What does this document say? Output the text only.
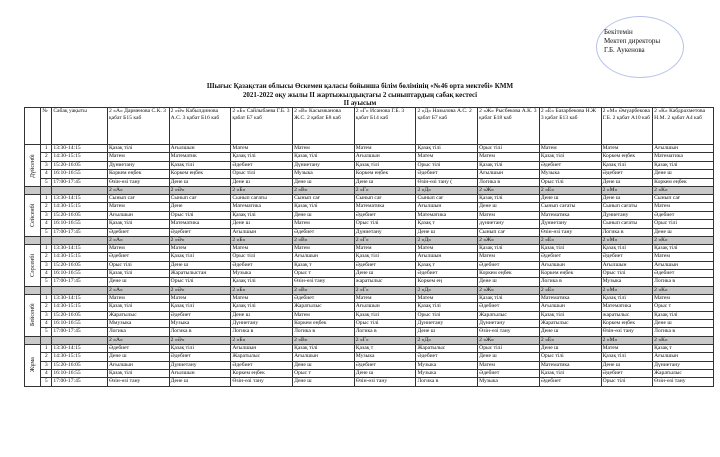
Бекітемін
Мектеп директоры
Г.Б. Аукенова
Шығыс Қазақстан облысы Өскемен қаласы бойынша білім бөлімінің «№46 орта мектебі» КММ
2021-2022 оқу жылы II жартыжылдықтағы 2 сыныптардың сабақ кестесі
II ауысым
	№	Сабақ уақыты	2 «А» Дарменова С.К. 3 қабат Б15 каб	2 «Ә» Кабылдинова А.С. 3 қабат Б16 каб	2 «Б» Сайлыбаева Г.Б. 3 қабат Б7 каб	2 «В» Касымканова Ж.С. 2 қабат Б8 каб	2 «Г» Исанова Г.Б. 3 қабат Б14 каб	2 «Д» Назылова А.С. 2 қабат Б7 каб	2 «Ж» Рысбекова А.К. 3 қабат Б18 каб	2 «Е» Базарбекова Н.Ж 3 қабат Б13 каб	2 «М» Әмүарбекова Г.Б. 2 қабат А10 каб	2 «К» Кабдрахметова Н.М. 2 қабат А4 каб
Дүйсенбі	1	13:30-14:15	Қазақ тілі	Ағылшын	Матем	Матем	Матем	Қазақ тілі	Орыс тілі	Матем	Матем	Ағылшын
	2	14:30-15:15	Матем	Математик	Қазақ тілі	Қазақ тілі	Ағылшын	Матем	Матем	Қазақ тілі	Коркем еңбек	Математика
	3	15:20-16:05	Дүниетану	Қазақ тілі	Әдебиет	Дүниетану	Қазақ тілі	Орыс тілі	Қазақ тілі	Әдебиет	Қазақ тілі	Қазақ тілі
	4	16:10-16:55	Коркем еңбек	Коркем еңбек	Орыс тілі	Музыка	Коркем еңбек	Әдебиет	Ағылшын	Музыка	Әдебиет	Дене ш
	5	17:00-17:45	Өзін-өзі тану	Дене ш	Дене ш	Дене ш	Дене ш	Өзін-өзі тану (	Логика в	Орыс тілі	Дене ш	Коркем еңбек
			2 «А»	2 «Ә»	2 «Б»	2 «В»	2 «Г»	2 «Д»	2 «Ж»	2 «Е»	2 «М»	2 «К»
Сейсенбі	1	13:30-14:15	Сынып сағ	Сынып сағ	Сынып сағаты	Сынып сағ	Сынып сағ	Сынып сағ	Қазақ тілі	Дене ш	Дене ш	Сынып сағ
	2	14:30-15:15	Матем	Дене	Математика	Қазақ тілі	Математика	Ағылшын	Дене ш	Сынып сағаты	Сынып сағаты	Матем
	3	15:20-16:05	Ағылшын	Орыс тілі	Қазақ тілі	Дене ш	Әдебиет	Математика	Матем	Математика	Дүниетану	Әдебиет
	4	16:10-16:55	Қазақ тілі	Математика	Дене ш	Матем	Орыс тілі	Қазақ т	дүниетану	Дүниетану	Сынып сағаты	Орыс тілі
	5	17:00-17:45	Әдебиет	Әдебиет	Ағылшын	Әдебиет	Дүниетану	Дене ш	Сынып сағ	Өзін-өзі тану	Логика в	Дене ш
			2 «А»	2 «Ә»	2 «Б»	2 «В»	2 «Г»	2 «Д»	2 «Ж»	2 «Е»	2 «М»	2 «К»
Сәрсенбі	1	13:30-14:15	Матем	Матем	Матем	Матем	Матем	Матем	Қазақ тілі	Қазақ тілі	Қазақ тілі	Қазақ тілі
	2	14:30-15:15	Әдебиет	Қазақ тілі	Орыс тілі	Ағылшын	Қазақ тілі	Ағылшын	Матем	Әдебиет	Әдебиет	Матем
	3	15:20-16:05	Орыс тілі	Дене ш	Әдебиет	Қазақ т	Әдебиет	Қазақ т	Әдебиет	Ағылшын	Ағылшын	Ағылшын
	4	16:10-16:55	Қазақ тілі	Жаратылыстан	Музыка	Орыс т	Дене ш	Әдебиет	Коркем еңбек	Коркем еңбек	Орыс тілі	Әдебиет
	5	17:00-17:45	Дене ш	Орыс тілі	Қазақ тілі	Өзін-өзі тану	жаратылыс	Коркем ең	Дене ш	Логика в	Музыка	Логика в
			2 «А»	2 «Ә»	2 «Б»	2 «В»	2 «Г»	2 «Д»	2 «Ж»	2 «Е»	2 «М»	2 «К»
Бейсенбі	1	13:30-14:15	Матем	Матем	Матем	Әдебиет	Матем	Матем	Қазақ тілі	Математика	Қазақ тілі	Матем
	2	14:30-15:15	Қазақ тілі	Қазақ тілі	Қазақ тілі	Жаратылыс	Ағылшын	Қазақ тілі	Әдебиет	Ағылшын	Математика	Орыс т
	3	15:20-16:05	Жаратылыс	Әдебиет	Дене ш	Матем	Қазақ тілі	Орыс тілі	Жаратылыс	Қазақ тілі	жаратылыс	Қазақ тілі
	4	16:10-16:55	Ммузыка	Музыка	Дүниетану	Коркем еңбек	Орыс тілі	Дүниетану	Дүниетану	Жаратылыс	Коркем еңбек	Дене ш
	5	17:00-17:45	Логика	Логика в	Логика в	Логика в	Логика в	Дене ш	Өзін-өзі тану	Дене ш	Өзін-өзі тану	Логика в
			2 «А»	2 «Ә»	2 «Б»	2 «В»	2 «Г»	2 «Д»	2 «Ж»	2 «Е»	2 «М»	2 «К»
Жұма	1	13:30-14:15	Әдебиет	Қазақ тілі	Ағылшын	Қазақ тілі	Қазақ т	Жаратылыс	Орыс тілі	Дене ш	Матем	Қазақ т
	2	14:30-15:15	Дене ш	Әдебиет	Жаратылыс	Ағылшын	Музыка	Әдебиет	Дене ш	Орыс тілі	Қазақ тілі	Ағылшын
	3	15:20-16:05	Ағылшын	Дүниетану	Әдебиет	Дене ш	Әдебиет	Музыка	Матем	Математика	Дене ш	Дүниетану
	4	16:10-16:55	Қазақ тілі	Ағылшын	Коркем еңбек	Орыс т	Дене ш	Музыка	Әдебиет	Қазақ тілі	Әдебиет	Жаратылыс
	5	17:00-17:45	Өзін-өзі тану	Дене ш	Өзін-өзі тану	Дене ш	Өзін-өзі тану	Логика в	Музыка	Әдебиет	Орыс тілі	Өзін-өзі тану
